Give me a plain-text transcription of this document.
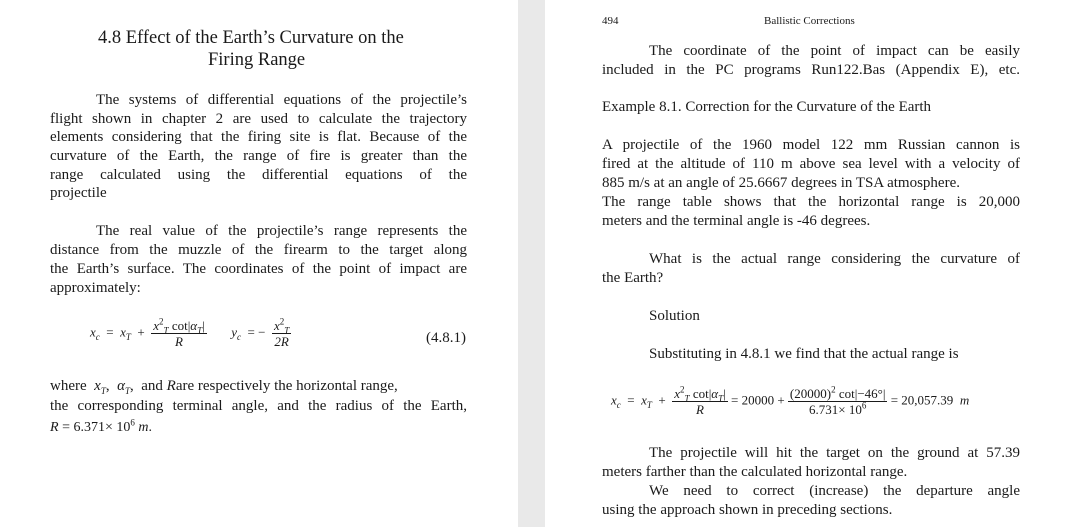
4.8 Effect of the Earth’s Curvature on the
Firing Range
The systems of differential equations of the projectile’s
flight shown in chapter 2 are used to calculate the trajectory
elements considering that the firing site is flat. Because of the
curvature of the Earth, the range of fire is greater than the
range calculated using the differential equations of the
projectile
The real value of the projectile’s range represents the
distance from the muzzle of the firearm to the target along
the Earth’s surface. The coordinates of the point of impact are
approximately:
$x_c = x_T + \frac{x^2_T \cot|\alpha_T|}{R} y_c$  = − $\frac{x^2_T}{2R}$	(4.8.1)
where $x_T$,  $\alpha_T$,  and Rare respectively the horizontal range,
the corresponding terminal angle, and the radius of the Earth,
$R = 6.371\times 10^6$ m.
494	Ballistic Corrections
The coordinate of the point of impact can be easily
included in the PC programs Run122.Bas (Appendix E), etc.
Example 8.1. Correction for the Curvature of the Earth
A projectile of the 1960 model 122 mm Russian cannon is
fired at the altitude of 110 m above sea level with a velocity of
885 m/s at an angle of 25.6667 degrees in TSA atmosphere.
The range table shows that the horizontal range is 20,000
meters and the terminal angle is -46 degrees.
What is the actual range considering the curvature of
the Earth?
Solution
Substituting in 4.8.1 we find that the actual range is
$x_c = x_T + \frac{x^2_T \cot|\alpha_T|}{R} = 20000 + \frac{(20000)^2 \cot|-46^\circ|}{6.731\times 10^6} = 20,057.39$ m
The projectile will hit the target on the ground at 57.39
meters farther than the calculated horizontal range.
We need to correct (increase) the departure angle
using the approach shown in preceding sections.
